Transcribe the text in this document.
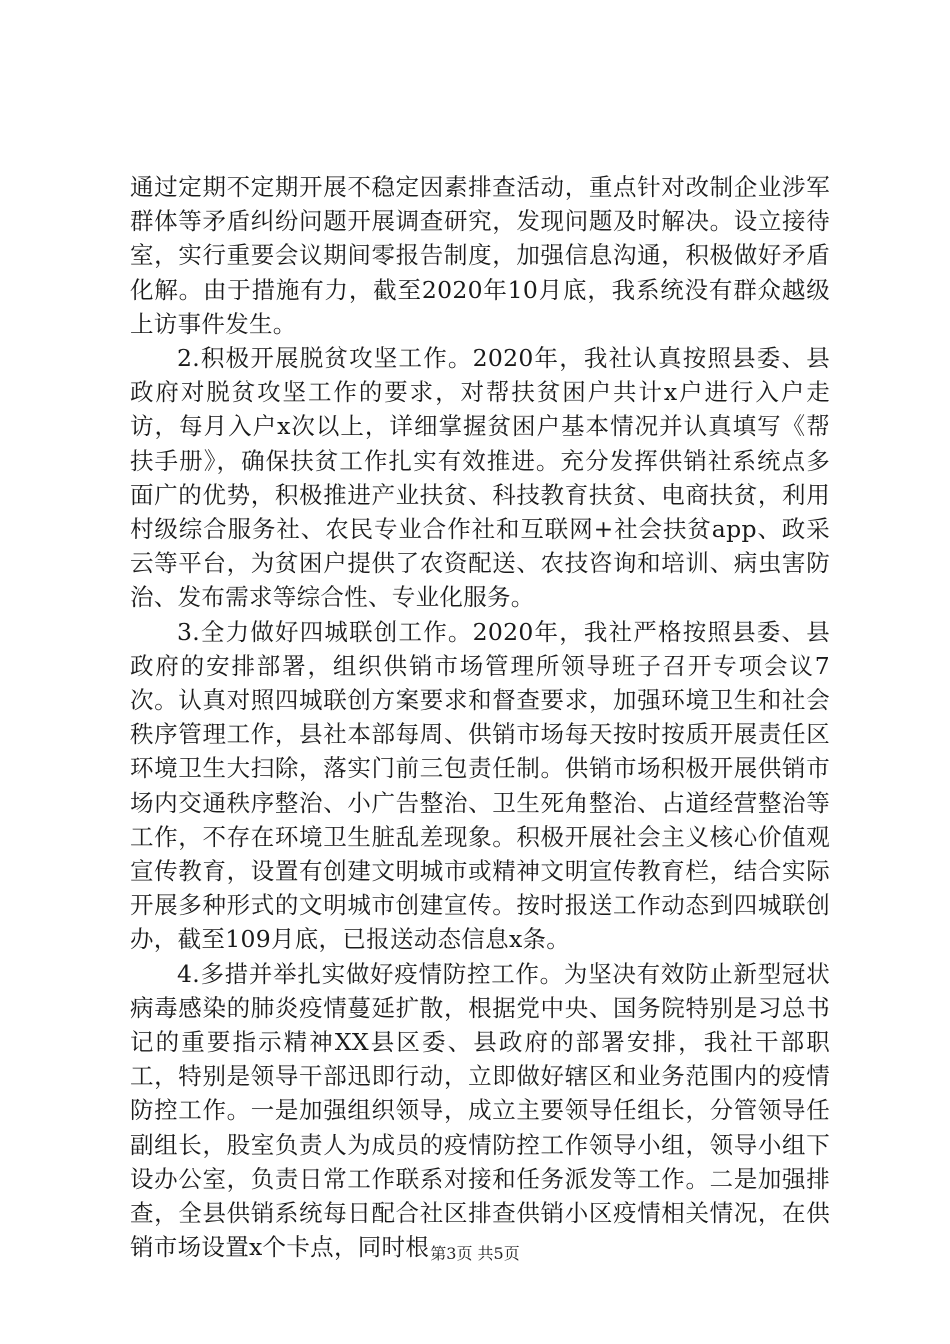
通过定期不定期开展不稳定因素排查活动，重点针对改制企业涉军群体等矛盾纠纷问题开展调查研究，发现问题及时解决。设立接待室，实行重要会议期间零报告制度，加强信息沟通，积极做好矛盾化解。由于措施有力，截至2020年10月底，我系统没有群众越级上访事件发生。

2.积极开展脱贫攻坚工作。2020年，我社认真按照县委、县政府对脱贫攻坚工作的要求，对帮扶贫困户共计x户进行入户走访，每月入户x次以上，详细掌握贫困户基本情况并认真填写《帮扶手册》，确保扶贫工作扎实有效推进。充分发挥供销社系统点多面广的优势，积极推进产业扶贫、科技教育扶贫、电商扶贫，利用村级综合服务社、农民专业合作社和互联网+社会扶贫app、政采云等平台，为贫困户提供了农资配送、农技咨询和培训、病虫害防治、发布需求等综合性、专业化服务。

3.全力做好四城联创工作。2020年，我社严格按照县委、县政府的安排部署，组织供销市场管理所领导班子召开专项会议7次。认真对照四城联创方案要求和督查要求，加强环境卫生和社会秩序管理工作，县社本部每周、供销市场每天按时按质开展责任区环境卫生大扫除，落实门前三包责任制。供销市场积极开展供销市场内交通秩序整治、小广告整治、卫生死角整治、占道经营整治等工作，不存在环境卫生脏乱差现象。积极开展社会主义核心价值观宣传教育，设置有创建文明城市或精神文明宣传教育栏，结合实际开展多种形式的文明城市创建宣传。按时报送工作动态到四城联创办，截至109月底，已报送动态信息x条。

4.多措并举扎实做好疫情防控工作。为坚决有效防止新型冠状病毒感染的肺炎疫情蔓延扩散，根据党中央、国务院特别是习总书记的重要指示精神XX县区委、县政府的部署安排，我社干部职工，特别是领导干部迅即行动，立即做好辖区和业务范围内的疫情防控工作。一是加强组织领导，成立主要领导任组长，分管领导任副组长，股室负责人为成员的疫情防控工作领导小组，领导小组下设办公室，负责日常工作联系对接和任务派发等工作。二是加强排查，全县供销系统每日配合社区排查供销小区疫情相关情况，在供销市场设置x个卡点，同时根 第3页 共5页
